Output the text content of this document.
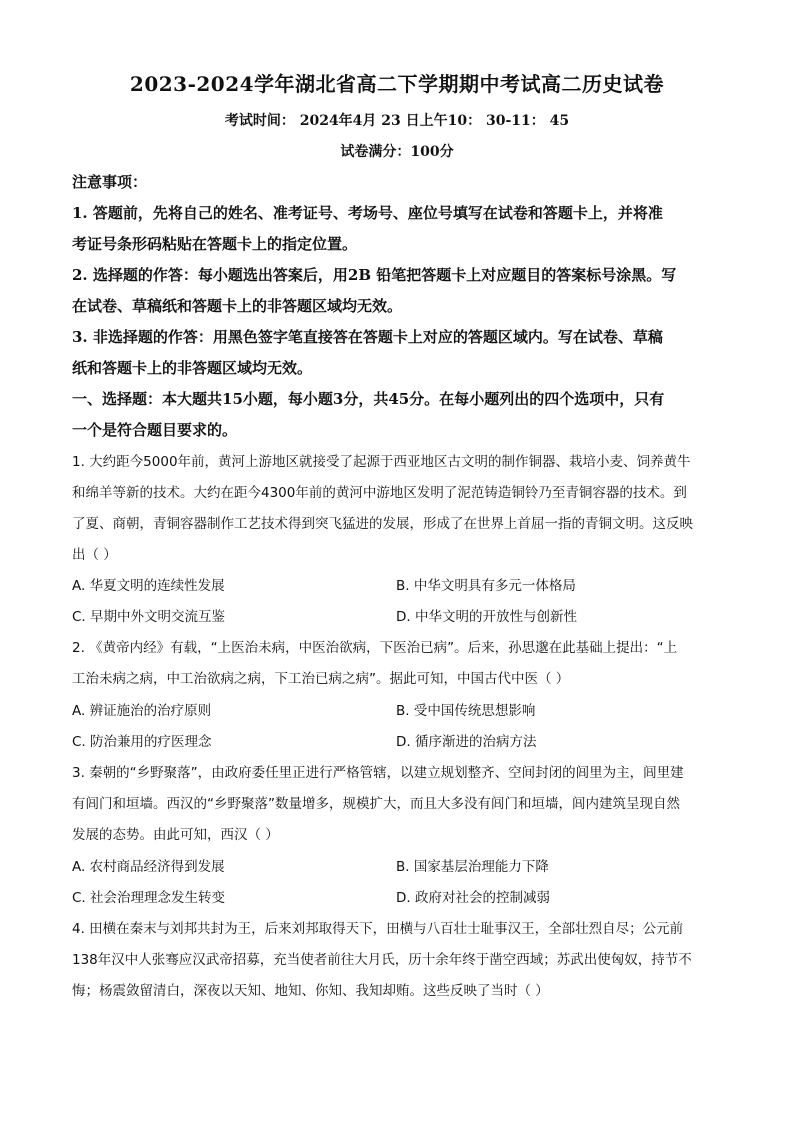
2023-2024学年湖北省高二下学期期中考试高二历史试卷
考试时间： 2024年4月 23 日上午10： 30-11： 45
试卷满分：100分
注意事项：
1. 答题前，先将自己的姓名、准考证号、考场号、座位号填写在试卷和答题卡上，并将准
考证号条形码粘贴在答题卡上的指定位置。
2. 选择题的作答：每小题选出答案后，用2B 铅笔把答题卡上对应题目的答案标号涂黑。写
在试卷、草稿纸和答题卡上的非答题区域均无效。
3. 非选择题的作答：用黑色签字笔直接答在答题卡上对应的答题区域内。写在试卷、草稿
纸和答题卡上的非答题区域均无效。
一、选择题：本大题共15小题，每小题3分，共45分。在每小题列出的四个选项中，只有
一个是符合题目要求的。
1. 大约距今5000年前，黄河上游地区就接受了起源于西亚地区古文明的制作铜器、栽培小麦、饲养黄牛
和绵羊等新的技术。大约在距今4300年前的黄河中游地区发明了泥范铸造铜铃乃至青铜容器的技术。到
了夏、商朝，青铜容器制作工艺技术得到突飞猛进的发展，形成了在世界上首屈一指的青铜文明。这反映
出（ ）
A. 华夏文明的连续性发展	B. 中华文明具有多元一体格局
C. 早期中外文明交流互鉴	D. 中华文明的开放性与创新性
2. 《黄帝内经》有载，“上医治未病，中医治欲病，下医治已病”。后来，孙思邈在此基础上提出：“上
工治未病之病，中工治欲病之病，下工治已病之病”。据此可知，中国古代中医（ ）
A. 辨证施治的治疗原则	B. 受中国传统思想影响
C. 防治兼用的疗医理念	D. 循序渐进的治病方法
3. 秦朝的“乡野聚落”，由政府委任里正进行严格管辖，以建立规划整齐、空间封闭的闾里为主，闾里建
有闾门和垣墙。西汉的“乡野聚落”数量增多，规模扩大，而且大多没有闾门和垣墙，闾内建筑呈现自然
发展的态势。由此可知，西汉（ ）
A. 农村商品经济得到发展	B. 国家基层治理能力下降
C. 社会治理理念发生转变	D. 政府对社会的控制减弱
4. 田横在秦末与刘邦共封为王，后来刘邦取得天下，田横与八百壮士耻事汉王，全部壮烈自尽；公元前
138年汉中人张骞应汉武帝招募，充当使者前往大月氏，历十余年终于凿空西域；苏武出使匈奴，持节不
悔；杨震敛留清白，深夜以天知、地知、你知、我知却贿。这些反映了当时（ ）
